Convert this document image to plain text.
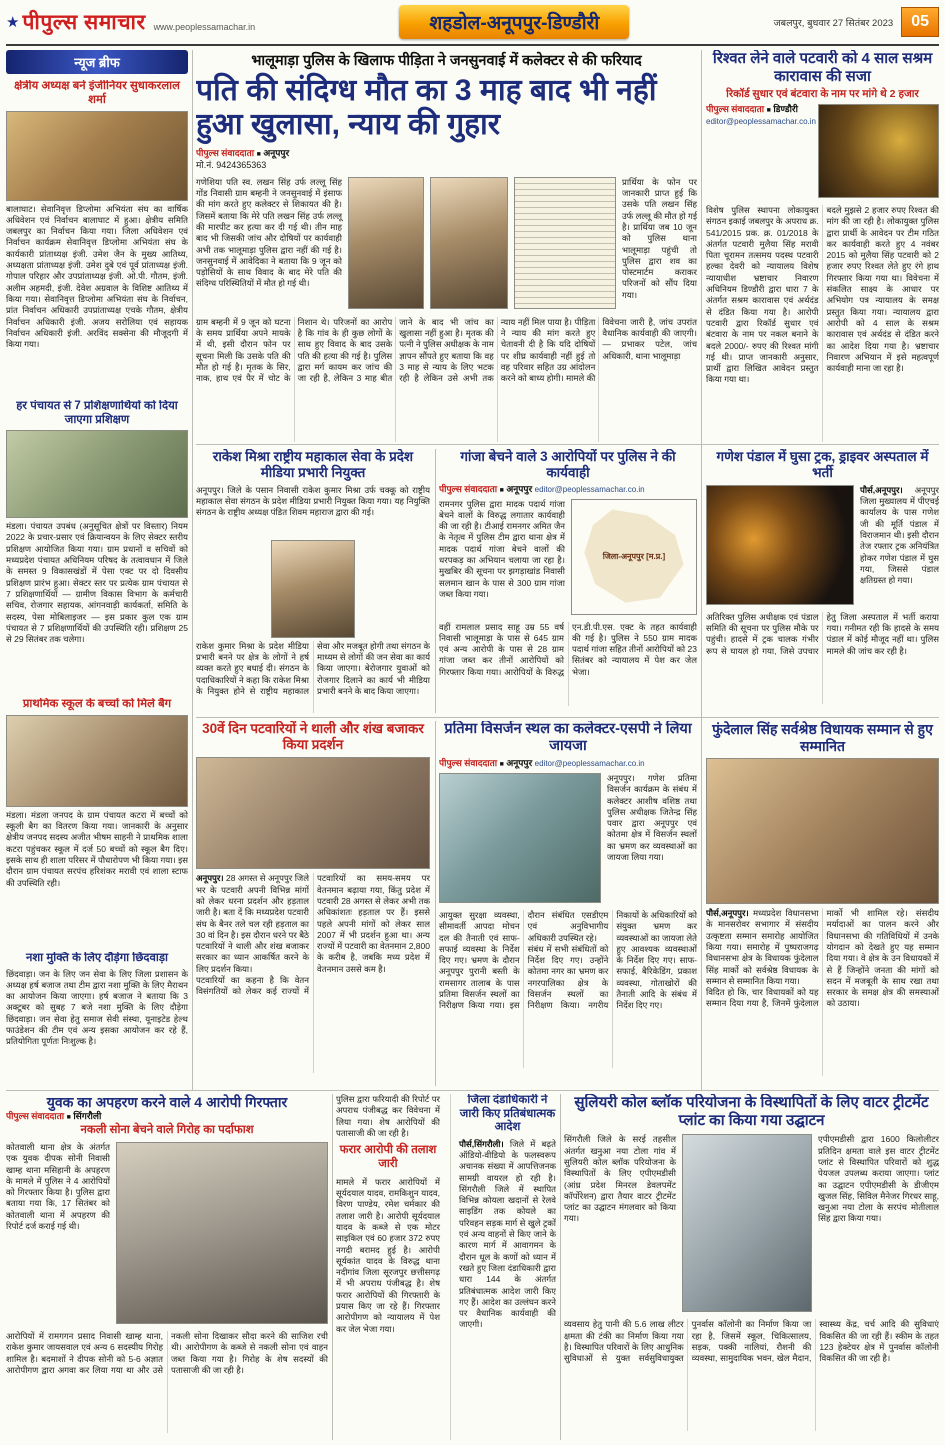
★ पीपुल्स समाचार www.peoplessamachar.in	शहडोल-अनूपपुर-डिण्डौरी	जबलपुर, बुधवार 27 सितंबर 2023	05
न्यूज ब्रीफ
क्षेत्रीय अध्यक्ष बने इंजीनियर सुधाकरलाल शर्मा

बालाघाट। सेवानिवृत्त डिप्लोमा अभियंता संघ का वार्षिक अधिवेशन एवं निर्वाचन बालाघाट में हुआ। क्षेत्रीय समिति जबलपुर का निर्वाचन किया गया। जिला अधिवेशन एवं निर्वाचन कार्यक्रम सेवानिवृत्त डिप्लोमा अभियंता संघ के कार्यकारी प्रांताध्यक्ष इंजी. उमेश जैन के मुख्य आतिथ्य, अध्यक्षता प्रांताध्यक्ष इंजी. उमेश दुबे एवं पूर्व प्रांताध्यक्ष इंजी. गोपाल परिहार और उपप्रांताध्यक्ष इंजी. ओ.पी. गौतम, इंजी. अलीम अहमदी, इंजी. देवेश अग्रवाल के विशिष्ट आतिथ्य में किया गया। सेवानिवृत्त डिप्लोमा अभियंता संघ के निर्वाचन, प्रांत निर्वाचन अधिकारी उपप्रांताध्यक्ष एचके गौतम, क्षेत्रीय निर्वाचन अधिकारी इंजी. अजय सरोलिया एवं सहायक निर्वाचन अधिकारी इंजी. अरविंद सक्सेना की मौजूदगी में किया गया।

हर पंचायत से 7 प्रशिक्षणार्थियों को दिया जाएगा प्रशिक्षण

मंडला। पंचायत उपबंध (अनुसूचित क्षेत्रों पर विस्तार) नियम 2022 के प्रचार-प्रसार एवं क्रियान्वयन के लिए सेक्टर स्तरीय प्रशिक्षण आयोजित किया गया। ग्राम प्रधानों व सचिवों को मध्यप्रदेश पंचायत अधिनियम परिषद के तत्वावधान में जिले के समस्त 9 विकासखंडों में पेसा एक्ट पर दो दिवसीय प्रशिक्षण प्रारंभ हुआ। सेक्टर स्तर पर प्रत्येक ग्राम पंचायत से 7 प्रशिक्षणार्थियों — ग्रामीण विकास विभाग के कर्मचारी सचिव, रोजगार सहायक, आंगनवाड़ी कार्यकर्ता, समिति के सदस्य, पेसा मोबिलाइजर — इस प्रकार कुल एक ग्राम पंचायत से 7 प्रशिक्षणार्थियों की उपस्थिति रही। प्रशिक्षण 25 से 29 सितंबर तक चलेगा।

प्राथमिक स्कूल के बच्चों को मिले बैग

मंडला। मंडला जनपद के ग्राम पंचायत कटरा में बच्चों को स्कूली बैग का वितरण किया गया। जानकारी के अनुसार क्षेत्रीय जनपद सदस्य अजीत भीषम साहनी ने प्राथमिक शाला कटरा पहुंचकर स्कूल में दर्ज 50 बच्चों को स्कूल बैग दिए। इसके साथ ही शाला परिसर में पौधारोपण भी किया गया। इस दौरान ग्राम पंचायत सरपंच हरिशंकर मरावी एवं शाला स्टाफ की उपस्थिति रही।

नशा मुक्ति के लिए दौड़ेगा छिंदवाड़ा

छिंदवाड़ा। जन के लिए जन सेवा के लिए जिला प्रशासन के अध्यक्ष हर्ष बजाज तथा टीम द्वारा नशा मुक्ति के लिए मैराथन का आयोजन किया जाएगा। हर्ष बजाज ने बताया कि 3 अक्टूबर को सुबह 7 बजे नशा मुक्ति के लिए दौड़ेगा छिंदवाड़ा। जन सेवा हेतु समाज सेवी संस्था, यूनाइटेड हेल्थ फाउंडेशन की टीम एवं अन्य इसका आयोजन कर रहे हैं, प्रतियोगिता पूर्णतः निःशुल्क है।

भालूमाड़ा पुलिस के खिलाफ पीड़िता ने जनसुनवाई में कलेक्टर से की फरियाद

पति की संदिग्ध मौत का 3 माह बाद भी नहीं हुआ खुलासा, न्याय की गुहार
पीपुल्स संवाददाता ■ अनूपपुर
मो.नं. 9424365363

गणेशिया पति स्व. लखन सिंह उर्फ लल्लू सिंह गोंड निवासी ग्राम बम्हनी ने जनसुनवाई में इंसाफ की मांग करते हुए कलेक्टर से शिकायत की है। जिसमें बताया कि मेरे पति लखन सिंह उर्फ लल्लू की मारपीट कर हत्या कर दी गई थी। तीन माह बाद भी जिसकी जांच और दोषियों पर कार्यवाही अभी तक भालूमाड़ा पुलिस द्वारा नहीं की गई है। जनसुनवाई में आवेदिका ने बताया कि 9 जून को पड़ोसियों के साथ विवाद के बाद मेरे पति की संदिग्ध परिस्थितियों में मौत हो गई थी।

प्रार्थिया के फोन पर जानकारी प्राप्त हुई कि उसके पति लखन सिंह उर्फ लल्लू की मौत हो गई है। प्रार्थिया जब 10 जून को पुलिस थाना भालूमाड़ा पहुंची तो पुलिस द्वारा शव का पोस्टमार्टम कराकर परिजनों को सौंप दिया गया।

ग्राम बम्हनी में 9 जून को घटना के समय प्रार्थिया अपने मायके में थी, इसी दौरान फोन पर सूचना मिली कि उसके पति की मौत हो गई है। मृतक के सिर, नाक, हाथ एवं पैर में चोट के निशान थे। परिजनों का आरोप है कि गांव के ही कुछ लोगों के साथ हुए विवाद के बाद उसके पति की हत्या की गई है। पुलिस द्वारा मर्ग कायम कर जांच की जा रही है, लेकिन 3 माह बीत जाने के बाद भी जांच का खुलासा नहीं हुआ है। मृतक की पत्नी ने पुलिस अधीक्षक के नाम ज्ञापन सौंपते हुए बताया कि वह 3 माह से न्याय के लिए भटक रही है लेकिन उसे अभी तक न्याय नहीं मिल पाया है। पीड़िता ने न्याय की मांग करते हुए चेतावनी दी है कि यदि दोषियों पर शीघ्र कार्यवाही नहीं हुई तो वह परिवार सहित उग्र आंदोलन करने को बाध्य होगी। मामले की विवेचना जारी है, जांच उपरांत वैधानिक कार्यवाही की जाएगी। — प्रभाकर पटेल, जांच अधिकारी, थाना भालूमाड़ा

रिश्वत लेने वाले पटवारी को 4 साल सश्रम कारावास की सजा

रिकॉर्ड सुधार एवं बंटवारा के नाम पर मांगे थे 2 हजार

पीपुल्स संवाददाता ■ डिण्डौरी
editor@peoplessamachar.co.in

विशेष पुलिस स्थापना लोकायुक्त संगठन इकाई जबलपुर के अपराध क्र. 541/2015 प्रक. क्र. 01/2018 के अंतर्गत पटवारी मुलैया सिंह मरावी पिता चूरामन तत्समय पदस्थ पटवारी हल्का देवरी को न्यायालय विशेष न्यायाधीश भ्रष्टाचार निवारण अधिनियम डिण्डौरी द्वारा धारा 7 के अंतर्गत सश्रम कारावास एवं अर्थदंड से दंडित किया गया है। आरोपी पटवारी द्वारा रिकॉर्ड सुधार एवं बंटवारा के नाम पर नकल बनाने के बदले 2000/- रुपए की रिश्वत मांगी गई थी। प्राप्त जानकारी अनुसार, प्रार्थी द्वारा लिखित आवेदन प्रस्तुत किया गया था।

बदले मुझसे 2 हजार रुपए रिश्वत की मांग की जा रही है। लोकायुक्त पुलिस द्वारा प्रार्थी के आवेदन पर टीम गठित कर कार्यवाही करते हुए 4 नवंबर 2015 को मुलैया सिंह पटवारी को 2 हजार रुपए रिश्वत लेते हुए रंगे हाथ गिरफ्तार किया गया था। विवेचना में संकलित साक्ष्य के आधार पर अभियोग पत्र न्यायालय के समक्ष प्रस्तुत किया गया। न्यायालय द्वारा आरोपी को 4 साल के सश्रम कारावास एवं अर्थदंड से दंडित करने का आदेश दिया गया है। भ्रष्टाचार निवारण अभियान में इसे महत्वपूर्ण कार्यवाही माना जा रहा है।

राकेश मिश्रा राष्ट्रीय महाकाल सेवा के प्रदेश मीडिया प्रभारी नियुक्त

अनूपपुर। जिले के पसान निवासी राकेश कुमार मिश्रा उर्फ चक्कू को राष्ट्रीय महाकाल सेवा संगठन के प्रदेश मीडिया प्रभारी नियुक्त किया गया। यह नियुक्ति संगठन के राष्ट्रीय अध्यक्ष पंडित शिवम महाराज द्वारा की गई।

राकेश कुमार मिश्रा के प्रदेश मीडिया प्रभारी बनने पर क्षेत्र के लोगों ने हर्ष व्यक्त करते हुए बधाई दी। संगठन के पदाधिकारियों ने कहा कि राकेश मिश्रा के नियुक्त होने से राष्ट्रीय महाकाल सेवा और मजबूत होगी तथा संगठन के माध्यम से लोगों की जन सेवा का कार्य किया जाएगा। बेरोजगार युवाओं को रोजगार दिलाने का कार्य भी मीडिया प्रभारी बनने के बाद किया जाएगा।

गांजा बेचने वाले 3 आरोपियों पर पुलिस ने की कार्यवाही
पीपुल्स संवाददाता ■ अनूपपुर editor@peoplessamachar.co.in

रामनगर पुलिस द्वारा मादक पदार्थ गांजा बेचने वालों के विरुद्ध लगातार कार्यवाही की जा रही है। टीआई रामनगर अमित जैन के नेतृत्व में पुलिस टीम द्वारा थाना क्षेत्र में मादक पदार्थ गांजा बेचने वालों की धरपकड़ का अभियान चलाया जा रहा है। मुखबिर की सूचना पर झगड़ाखांड निवासी सलमान खान के पास से 300 ग्राम गांजा जब्त किया गया।

जिला-अनूपपुर [म.प्र.]

वहीं रामलाल प्रसाद साहू उम्र 55 वर्ष निवासी भालूमाड़ा के पास से 645 ग्राम एवं अन्य आरोपी के पास से 28 ग्राम गांजा जब्त कर तीनों आरोपियों को गिरफ्तार किया गया। आरोपियों के विरुद्ध एन.डी.पी.एस. एक्ट के तहत कार्यवाही की गई है। पुलिस ने 550 ग्राम मादक पदार्थ गांजा सहित तीनों आरोपियों को 23 सितंबर को न्यायालय में पेश कर जेल भेजा।

गणेश पंडाल में घुसा ट्रक, ड्राइवर अस्पताल में भर्ती

पौर्स,अनूपपुर। अनूपपुर जिला मुख्यालय में पीएचई कार्यालय के पास गणेश जी की मूर्ति पंडाल में विराजमान थी। इसी दौरान तेज रफ्तार ट्रक अनियंत्रित होकर गणेश पंडाल में घुस गया, जिससे पंडाल क्षतिग्रस्त हो गया।

अतिरिक्त पुलिस अधीक्षक एवं पंडाल समिति की सूचना पर पुलिस मौके पर पहुंची। हादसे में ट्रक चालक गंभीर रूप से घायल हो गया, जिसे उपचार हेतु जिला अस्पताल में भर्ती कराया गया। गनीमत रही कि हादसे के समय पंडाल में कोई मौजूद नहीं था। पुलिस मामले की जांच कर रही है।

30वें दिन पटवारियों ने थाली और शंख बजाकर किया प्रदर्शन

अनूपपुर। 28 अगस्त से अनूपपुर जिले भर के पटवारी अपनी विभिन्न मांगों को लेकर धरना प्रदर्शन और हड़ताल जारी है। बता दें कि मध्यप्रदेश पटवारी संघ के बैनर तले चल रही हड़ताल का 30 वां दिन है। इस दौरान धरने पर बैठे पटवारियों ने थाली और शंख बजाकर सरकार का ध्यान आकर्षित करने के लिए प्रदर्शन किया।

पटवारियों का कहना है कि वेतन विसंगतियों को लेकर कई राज्यों में पटवारियों का समय-समय पर वेतनमान बढ़ाया गया, किंतु प्रदेश में पटवारी 28 अगस्त से लेकर अभी तक अधिकांशतः हड़ताल पर हैं। इससे पहले अपनी मांगों को लेकर साल 2007 में भी प्रदर्शन हुआ था। अन्य राज्यों में पटवारी का वेतनमान 2,800 के करीब है, जबकि मध्य प्रदेश में वेतनमान उससे कम है।

प्रतिमा विसर्जन स्थल का कलेक्टर-एसपी ने लिया जायजा
पीपुल्स संवाददाता ■ अनूपपुर editor@peoplessamachar.co.in

अनूपपुर। गणेश प्रतिमा विसर्जन कार्यक्रम के संबंध में कलेक्टर आशीष वशिष्ठ तथा पुलिस अधीक्षक जितेन्द्र सिंह पवार द्वारा अनूपपुर एवं कोतमा क्षेत्र में विसर्जन स्थलों का भ्रमण कर व्यवस्थाओं का जायजा लिया गया।

आयुक्त सुरक्षा व्यवस्था, सीमावर्ती आपदा मोचन दल की तैनाती एवं साफ-सफाई व्यवस्था के निर्देश दिए गए। भ्रमण के दौरान अनूपपुर पुरानी बस्ती के रामसागर तालाब के पास प्रतिमा विसर्जन स्थलों का निरीक्षण किया गया। इस दौरान संबंधित एसडीएम एवं अनुविभागीय अधिकारी उपस्थित रहे।

संबंध में सभी संबंधितों को निर्देश दिए गए। उन्होंने कोतमा नगर का भ्रमण कर नगरपालिका क्षेत्र के विसर्जन स्थलों का निरीक्षण किया। नगरीय निकायों के अधिकारियों को संयुक्त भ्रमण कर व्यवस्थाओं का जायजा लेते हुए आवश्यक व्यवस्थाओं के निर्देश दिए गए। साफ-सफाई, बैरिकेडिंग, प्रकाश व्यवस्था, गोताखोरों की तैनाती आदि के संबंध में निर्देश दिए गए।

फुंदेलाल सिंह सर्वश्रेष्ठ विधायक सम्मान से हुए सम्मानित

पौर्स,अनूपपुर। मध्यप्रदेश विधानसभा के मानसरोवर सभागार में संसदीय उत्कृष्टता सम्मान समारोह आयोजित किया गया। समारोह में पुष्पराजगढ़ विधानसभा क्षेत्र के विधायक फुंदेलाल सिंह मार्को को सर्वश्रेष्ठ विधायक के सम्मान से सम्मानित किया गया।

विदित हो कि, चार विधायकों को यह सम्मान दिया गया है, जिनमें फुंदेलाल मार्को भी शामिल रहे। संसदीय मर्यादाओं का पालन करने और विधानसभा की गतिविधियों में उनके योगदान को देखते हुए यह सम्मान दिया गया। वे क्षेत्र के उन विधायकों में से हैं जिन्होंने जनता की मांगों को सदन में मजबूती के साथ रखा तथा सरकार के समक्ष क्षेत्र की समस्याओं को उठाया।

युवक का अपहरण करने वाले 4 आरोपी गिरफ्तार
पीपुल्स संवाददाता ■ सिंगरौली

नकली सोना बेचने वाले गिरोह का पर्दाफाश

कोतवाली थाना क्षेत्र के अंतर्गत एक युवक दीपक सोनी निवासी खाम्ह थाना मसिहानी के अपहरण के मामले में पुलिस ने 4 आरोपियों को गिरफ्तार किया है। पुलिस द्वारा बताया गया कि, 17 सितंबर को कोतवाली थाना में अपहरण की रिपोर्ट दर्ज कराई गई थी।

आरोपियों में रामगगन प्रसाद निवासी खाम्ह थाना, राकेश कुमार जायसवाल एवं अन्य 6 सदस्यीय गिरोह शामिल है। बदमाशों ने दीपक सोनी को 5-6 अज्ञात आरोपीगण द्वारा अगवा कर लिया गया था और उसे नकली सोना दिखाकर सौदा करने की साजिश रची थी। आरोपीगण के कब्जे से नकली सोना एवं वाहन जब्त किया गया है। गिरोह के शेष सदस्यों की पतासाजी की जा रही है।

पुलिस द्वारा फरियादी की रिपोर्ट पर अपराध पंजीबद्ध कर विवेचना में लिया गया। शेष आरोपियों की पतासाजी की जा रही है।

फरार आरोपी की तलाश जारी

मामले में फरार आरोपियों में सूर्यदयाल यादव, रामकिशुन यादव, विरण पाण्डेय, रमेश चर्मकार की तलाश जारी है। आरोपी सूर्यदयाल यादव के कब्जे से एक मोटर साइकिल एवं 60 हजार 372 रुपए नगदी बरामद हुई है। आरोपी सूर्यकांत यादव के विरुद्ध थाना नदीगांव जिला सूरजपुर छत्तीसगढ़ में भी अपराध पंजीबद्ध है। शेष फरार आरोपियों की गिरफ्तारी के प्रयास किए जा रहे हैं। गिरफ्तार आरोपीगण को न्यायालय में पेश कर जेल भेजा गया।

जिला दंडाधिकारी ने जारी किए प्रतिबंधात्मक आदेश

पौर्स,सिंगरौली। जिले में बढ़ते ऑडियो-वीडियो के फलस्वरूप अचानक संख्या में आपत्तिजनक सामग्री वायरल हो रही है। सिंगरौली जिले में स्थापित विभिन्न कोयला खदानों से रेलवे साइडिंग तक कोयले का परिवहन सड़क मार्ग से खुले ट्रकों एवं अन्य वाहनों से किए जाने के कारण मार्ग में आवागमन के दौरान धूल के कणों को ध्यान में रखते हुए जिला दंडाधिकारी द्वारा धारा 144 के अंतर्गत प्रतिबंधात्मक आदेश जारी किए गए हैं। आदेश का उल्लंघन करने पर वैधानिक कार्यवाही की जाएगी।

सुलियरी कोल ब्लॉक परियोजना के विस्थापितों के लिए वाटर ट्रीटमेंट प्लांट का किया गया उद्घाटन

सिंगरौली जिले के सरई तहसील अंतर्गत खनुआ नया टोला गांव में सुलियरी कोल ब्लॉक परियोजना के विस्थापितों के लिए एपीएमडीसी (आंध्र प्रदेश मिनरल डेवलपमेंट कॉर्पोरेशन) द्वारा तैयार वाटर ट्रीटमेंट प्लांट का उद्घाटन मंगलवार को किया गया।

एपीएमडीसी द्वारा 1600 किलोलीटर प्रतिदिन क्षमता वाले इस वाटर ट्रीटमेंट प्लांट से विस्थापित परिवारों को शुद्ध पेयजल उपलब्ध कराया जाएगा। प्लांट का उद्घाटन एपीएमडीसी के डीजीएम खुजल सिंह, सिविल मैनेजर गिरधर साहू, खनुआ नया टोला के सरपंच मोतीलाल सिंह द्वारा किया गया।

व्यवसाय हेतु पानी की 5.6 लाख लीटर क्षमता की टंकी का निर्माण किया गया है। विस्थापित परिवारों के लिए आधुनिक सुविधाओं से युक्त सर्वसुविधायुक्त पुनर्वास कॉलोनी का निर्माण किया जा रहा है, जिसमें स्कूल, चिकित्सालय, सड़क, पक्की नालियां, रौशनी की व्यवस्था, सामुदायिक भवन, खेल मैदान, स्वास्थ्य केंद्र, चर्च आदि की सुविधाएं विकसित की जा रही हैं। स्कीम के तहत 123 हेक्टेयर क्षेत्र में पुनर्वास कॉलोनी विकसित की जा रही है।
